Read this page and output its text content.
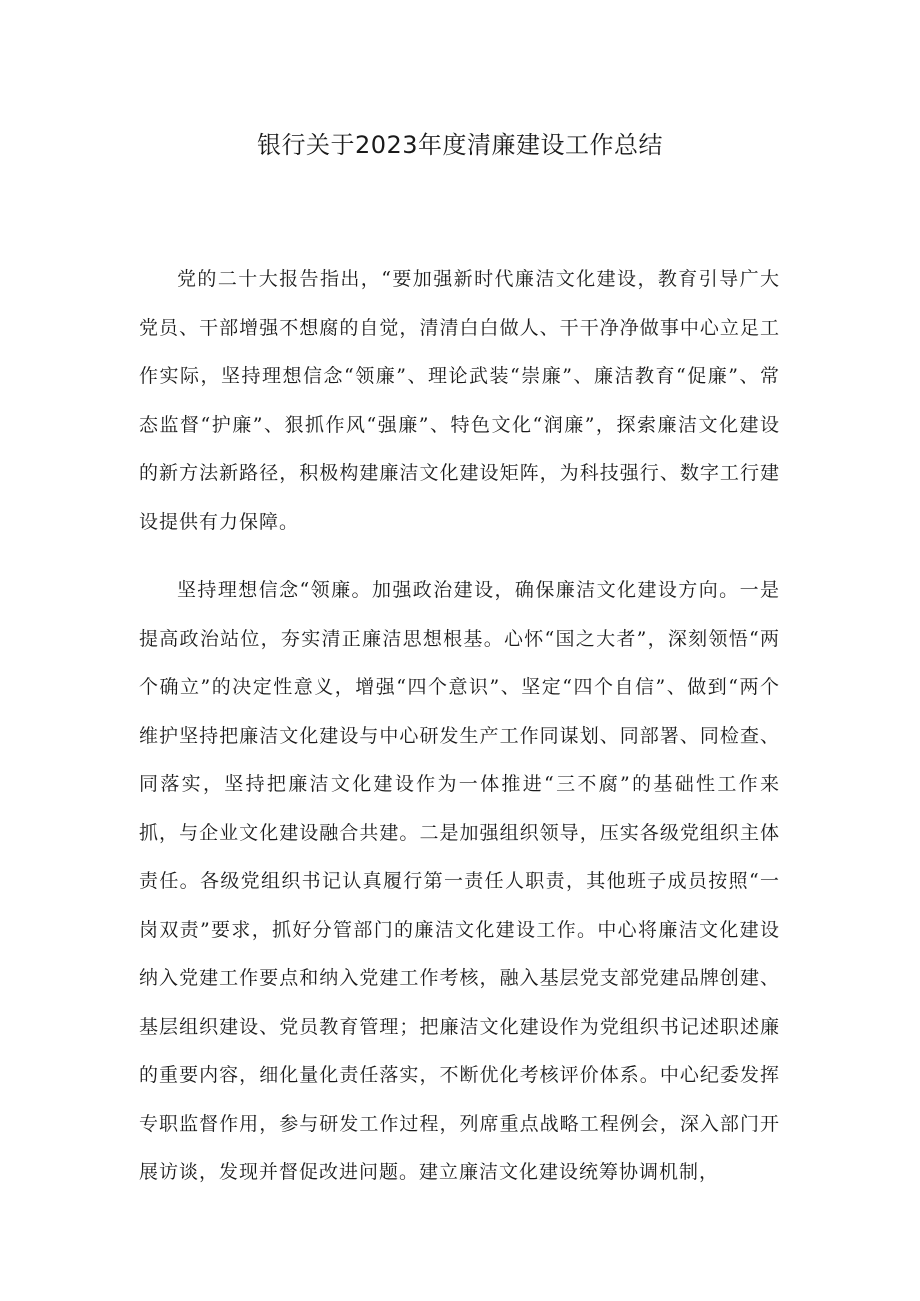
银行关于2023年度清廉建设工作总结

党的二十大报告指出，“要加强新时代廉洁文化建设，教育引导广大党员、干部增强不想腐的自觉，清清白白做人、干干净净做事中心立足工作实际，坚持理想信念“领廉”、理论武装“崇廉”、廉洁教育“促廉”、常态监督“护廉”、狠抓作风“强廉”、特色文化“润廉”，探索廉洁文化建设的新方法新路径，积极构建廉洁文化建设矩阵，为科技强行、数字工行建设提供有力保障。

坚持理想信念“领廉。加强政治建设，确保廉洁文化建设方向。一是提高政治站位，夯实清正廉洁思想根基。心怀“国之大者”，深刻领悟“两个确立”的决定性意义，增强“四个意识”、坚定“四个自信”、做到“两个维护坚持把廉洁文化建设与中心研发生产工作同谋划、同部署、同检查、同落实，坚持把廉洁文化建设作为一体推进“三不腐”的基础性工作来抓，与企业文化建设融合共建。二是加强组织领导，压实各级党组织主体责任。各级党组织书记认真履行第一责任人职责，其他班子成员按照“一岗双责”要求，抓好分管部门的廉洁文化建设工作。中心将廉洁文化建设纳入党建工作要点和纳入党建工作考核，融入基层党支部党建品牌创建、基层组织建设、党员教育管理；把廉洁文化建设作为党组织书记述职述廉的重要内容，细化量化责任落实，不断优化考核评价体系。中心纪委发挥专职监督作用，参与研发工作过程，列席重点战略工程例会，深入部门开展访谈，发现并督促改进问题。建立廉洁文化建设统筹协调机制，
